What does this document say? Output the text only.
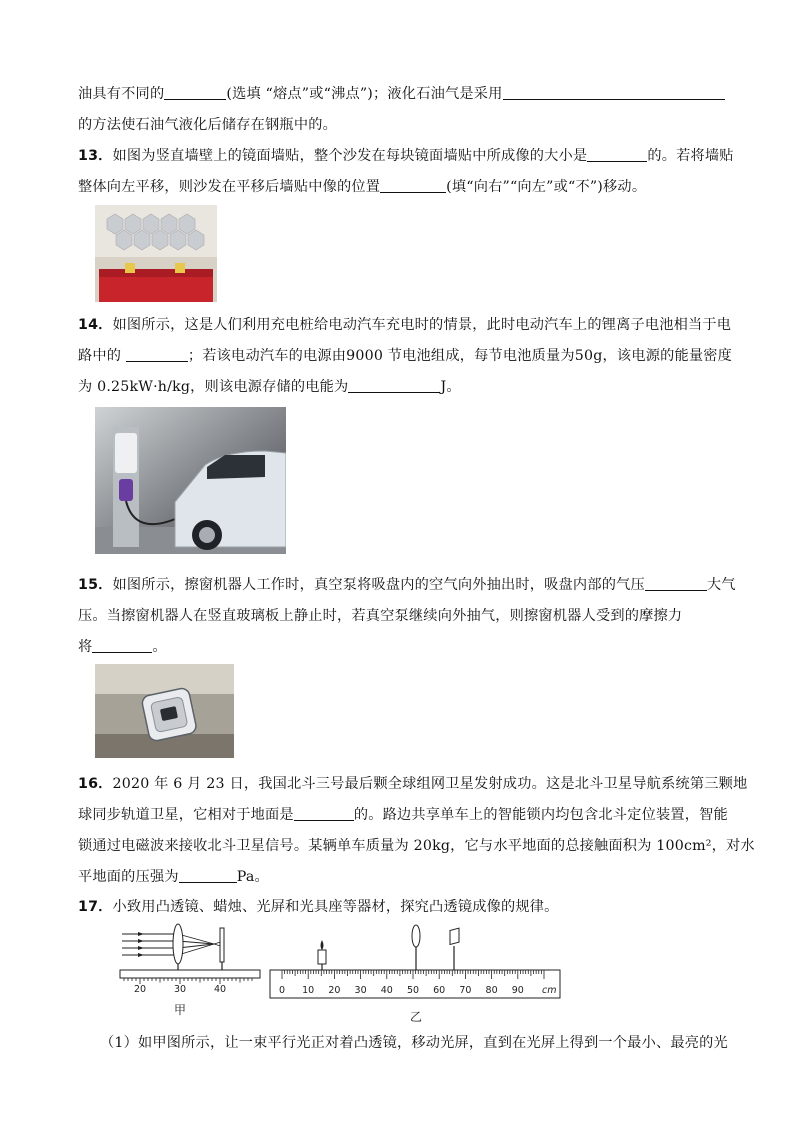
油具有不同的	(选填 “熔点”或“沸点”)；液化石油气是采用
的方法使石油气液化后储存在钢瓶中的。
13．如图为竖直墙壁上的镜面墙贴，整个沙发在每块镜面墙贴中所成像的大小是	的。若将墙贴
整体向左平移，则沙发在平移后墙贴中像的位置	(填“向右”“向左”或“不”)移动。
14．如图所示，这是人们利用充电桩给电动汽车充电时的情景，此时电动汽车上的锂离子电池相当于电
路中的	；若该电动汽车的电源由9000 节电池组成，每节电池质量为50g，该电源的能量密度
为 0.25kW·h/kg，则该电源存储的电能为	J。
15．如图所示，擦窗机器人工作时，真空泵将吸盘内的空气向外抽出时，吸盘内部的气压	大气
压。当擦窗机器人在竖直玻璃板上静止时，若真空泵继续向外抽气，则擦窗机器人受到的摩擦力
将	。
16．2020 年 6 月 23 日，我国北斗三号最后颗全球组网卫星发射成功。这是北斗卫星导航系统第三颗地
球同步轨道卫星，它相对于地面是	的。路边共享单车上的智能锁内均包含北斗定位装置，智能
锁通过电磁波来接收北斗卫星信号。某辆单车质量为 20kg，它与水平地面的总接触面积为 100cm²，对水
平地面的压强为	Pa。
17．小致用凸透镜、蜡烛、光屏和光具座等器材，探究凸透镜成像的规律。
20	30	40
甲
0 10 20 30 40 50 60 70 80 90 cm
乙
（1）如甲图所示，让一束平行光正对着凸透镜，移动光屏，直到在光屏上得到一个最小、最亮的光
